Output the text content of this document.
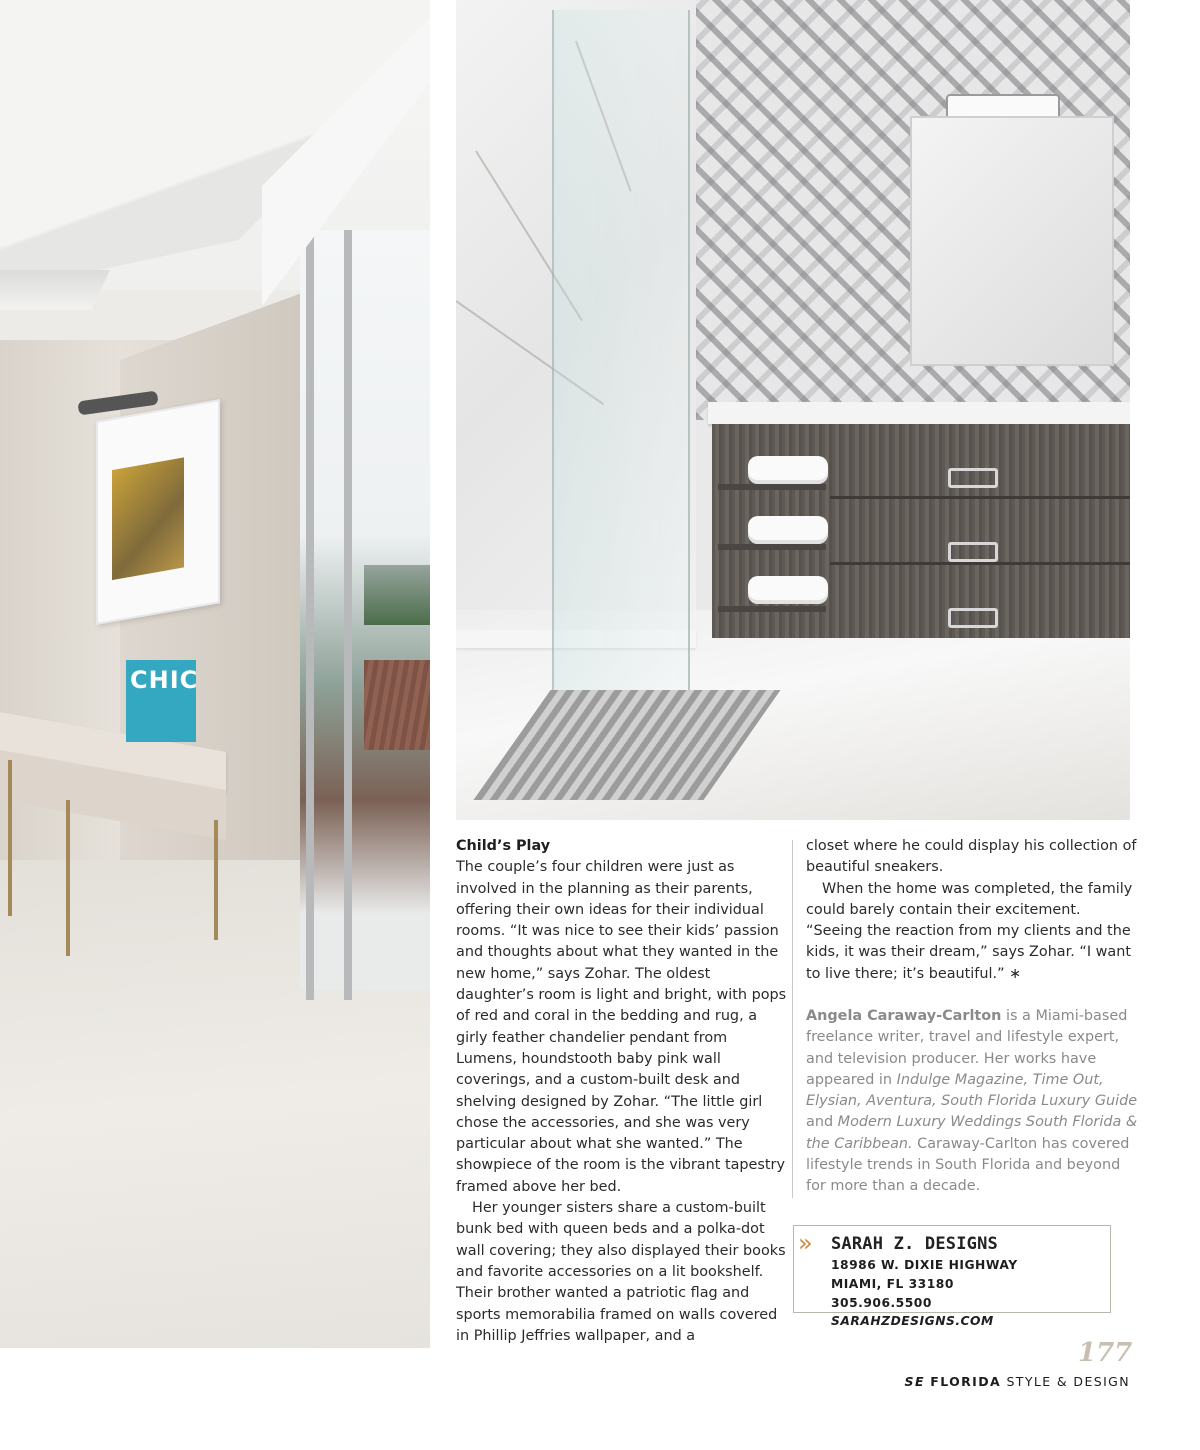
CHIC

Child’s Play

The couple’s four children were just as involved in the planning as their parents, offering their own ideas for their individual rooms. “It was nice to see their kids’ passion and thoughts about what they wanted in the new home,” says Zohar. The oldest daughter’s room is light and bright, with pops of red and coral in the bedding and rug, a girly feather chandelier pendant from Lumens, houndstooth baby pink wall coverings, and a custom-built desk and shelving designed by Zohar. “The little girl chose the accessories, and she was very particular about what she wanted.” The showpiece of the room is the vibrant tapestry framed above her bed.

Her younger sisters share a custom-built bunk bed with queen beds and a polka-dot wall covering; they also displayed their books and favorite accessories on a lit bookshelf. Their brother wanted a patriotic flag and sports memorabilia framed on walls covered in Phillip Jeffries wallpaper, and a

closet where he could display his collection of beautiful sneakers.

When the home was completed, the family could barely contain their excitement. “Seeing the reaction from my clients and the kids, it was their dream,” says Zohar. “I want to live there; it’s beautiful.” ∗

Angela Caraway-Carlton is a Miami-based freelance writer, travel and lifestyle expert, and television producer. Her works have appeared in Indulge Magazine, Time Out, Elysian, Aventura, South Florida Luxury Guide and Modern Luxury Weddings South Florida & the Caribbean. Caraway-Carlton has covered lifestyle trends in South Florida and beyond for more than a decade.
» SARAH Z. DESIGNS
18986 W. DIXIE HIGHWAY
MIAMI, FL 33180
305.906.5500
SARAHZDESIGNS.COM
177
SE FLORIDA STYLE & DESIGN
